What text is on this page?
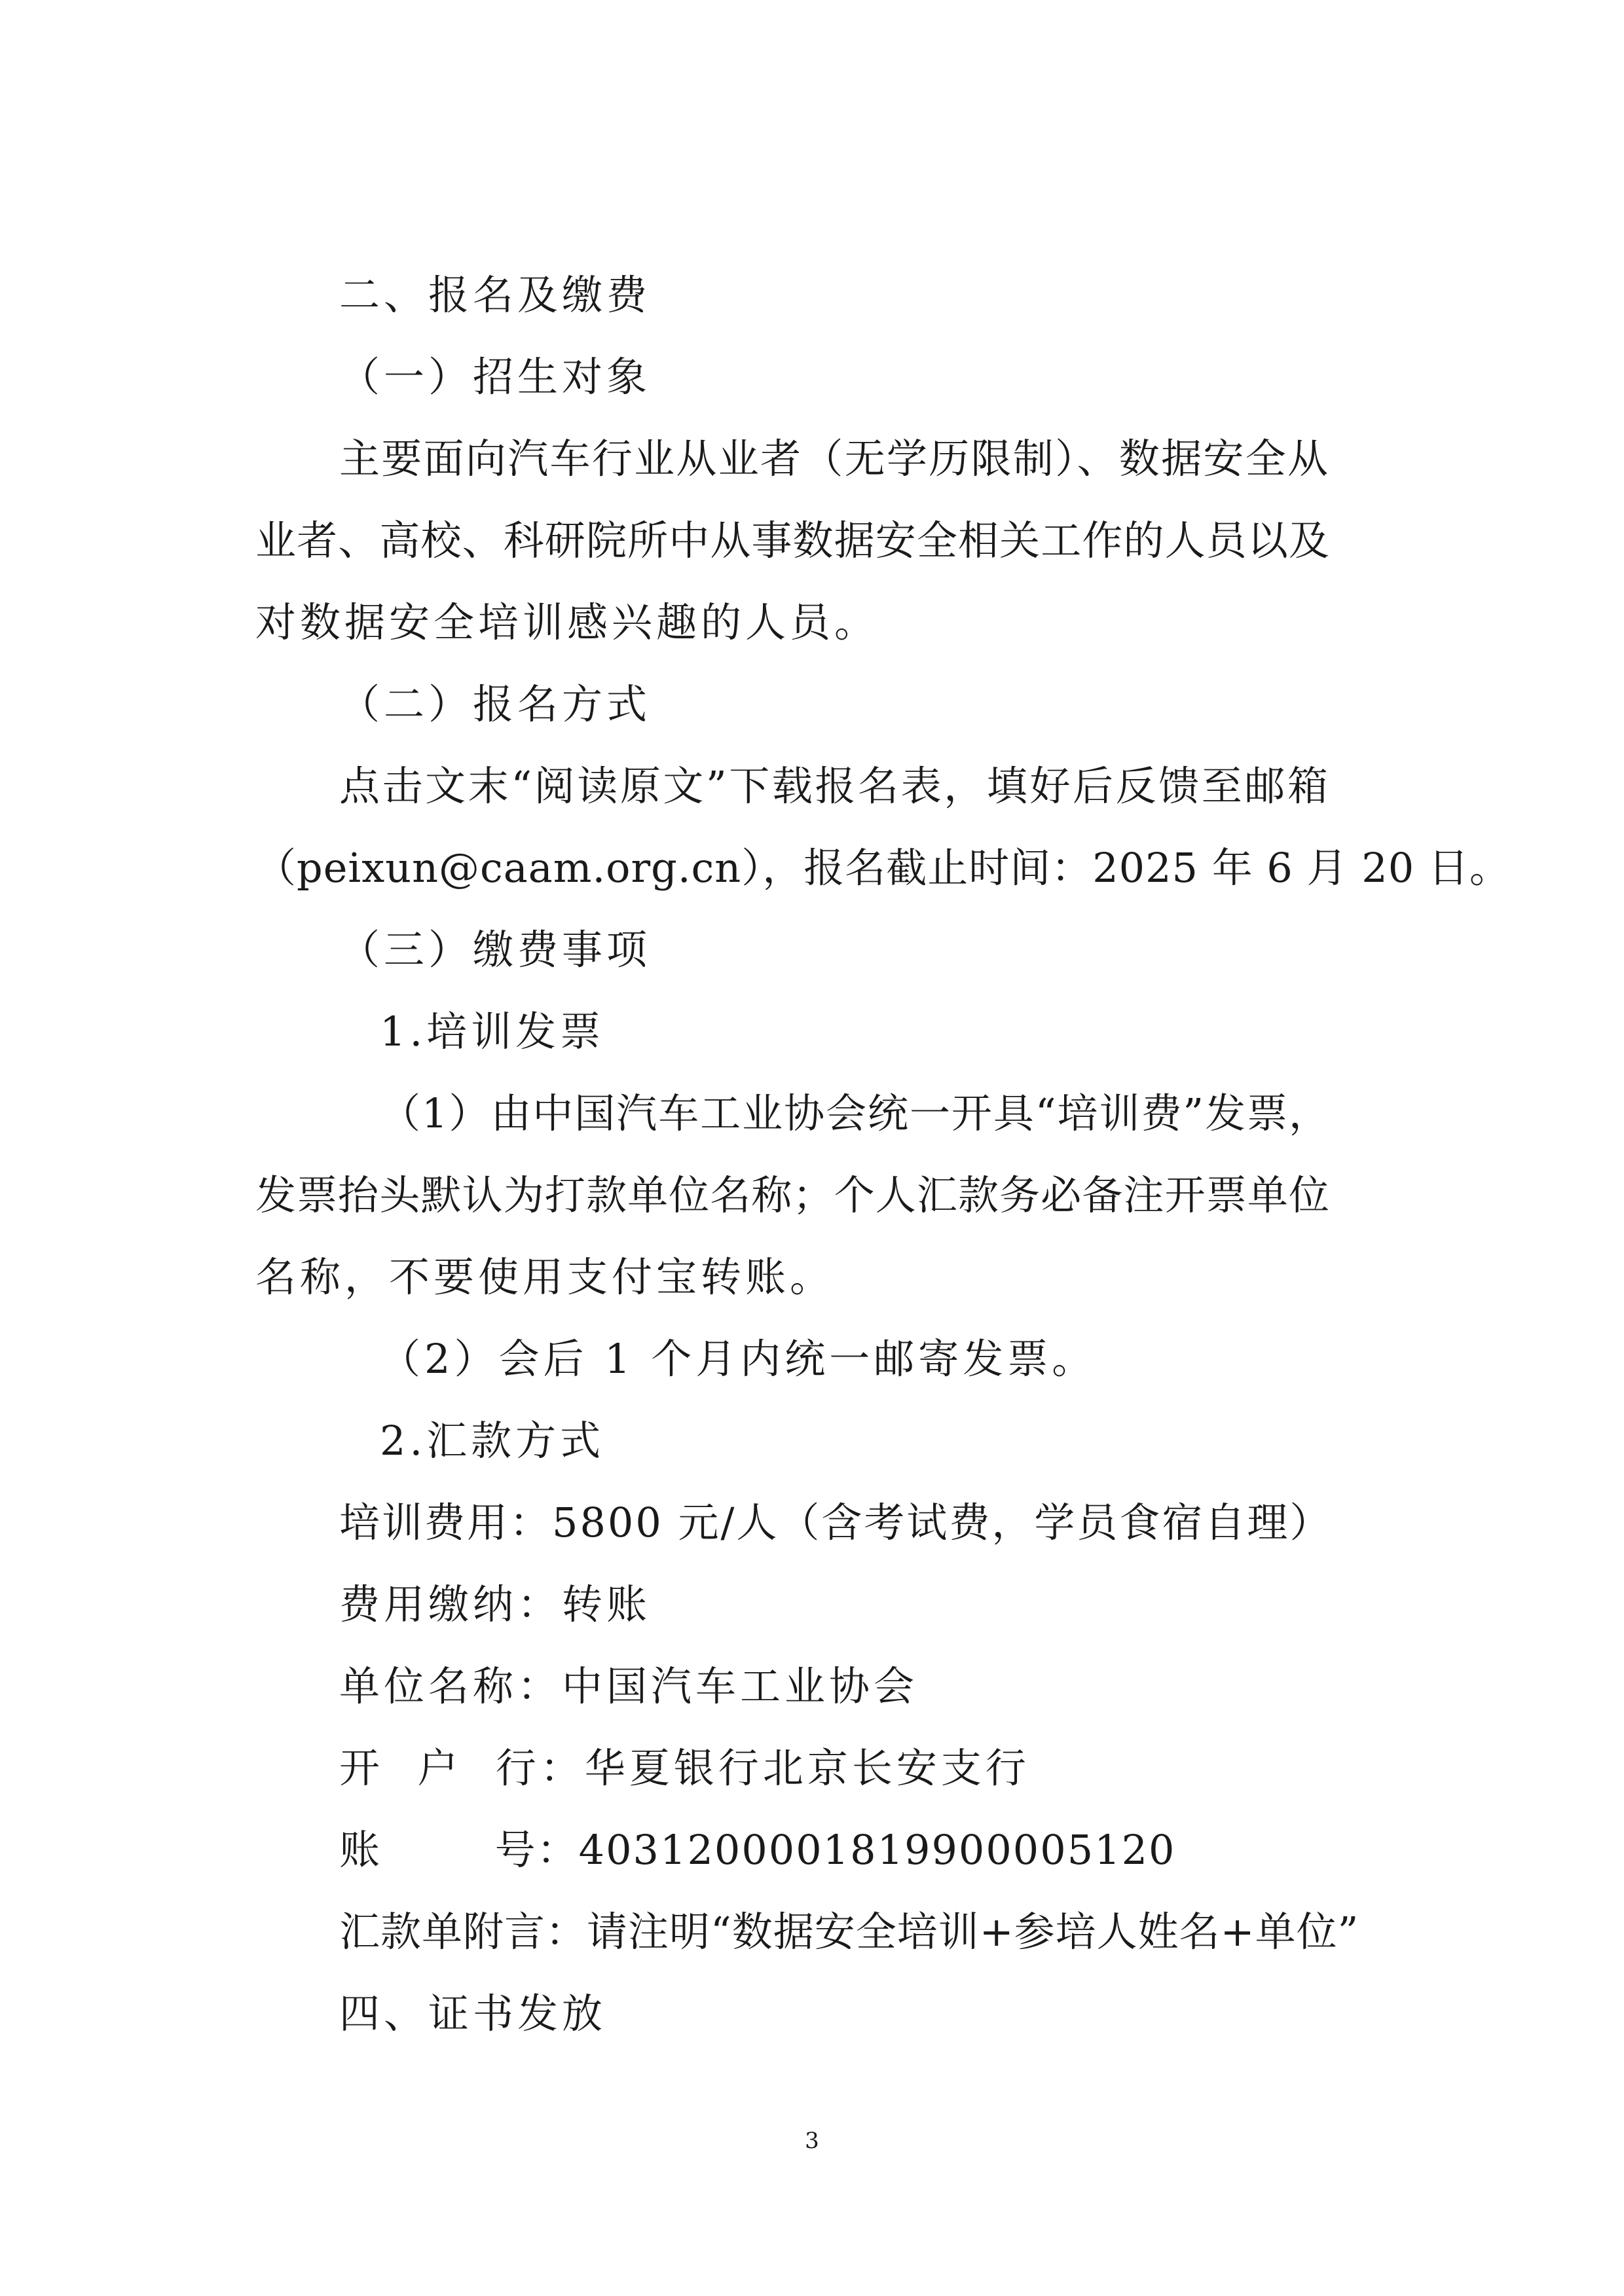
二、报名及缴费
（一）招生对象
主要面向汽车行业从业者（无学历限制）、数据安全从
业者、高校、科研院所中从事数据安全相关工作的人员以及
对数据安全培训感兴趣的人员。
（二）报名方式
点击文末“阅读原文”下载报名表，填好后反馈至邮箱
（peixun@caam.org.cn），报名截止时间：2025 年 6 月 20 日。
（三）缴费事项
1.培训发票
（1）由中国汽车工业协会统一开具“培训费”发票，
发票抬头默认为打款单位名称；个人汇款务必备注开票单位
名称，不要使用支付宝转账。
（2）会后 1 个月内统一邮寄发票。
2.汇款方式
培训费用：5800 元/人（含考试费，学员食宿自理）
费用缴纳：转账
单位名称：中国汽车工业协会
开  户  行：华夏银行北京长安支行
账        号：403120000181990000512​0
汇款单附言：请注明“数据安全培训+参培人姓名+单位”
四、证书发放
3
